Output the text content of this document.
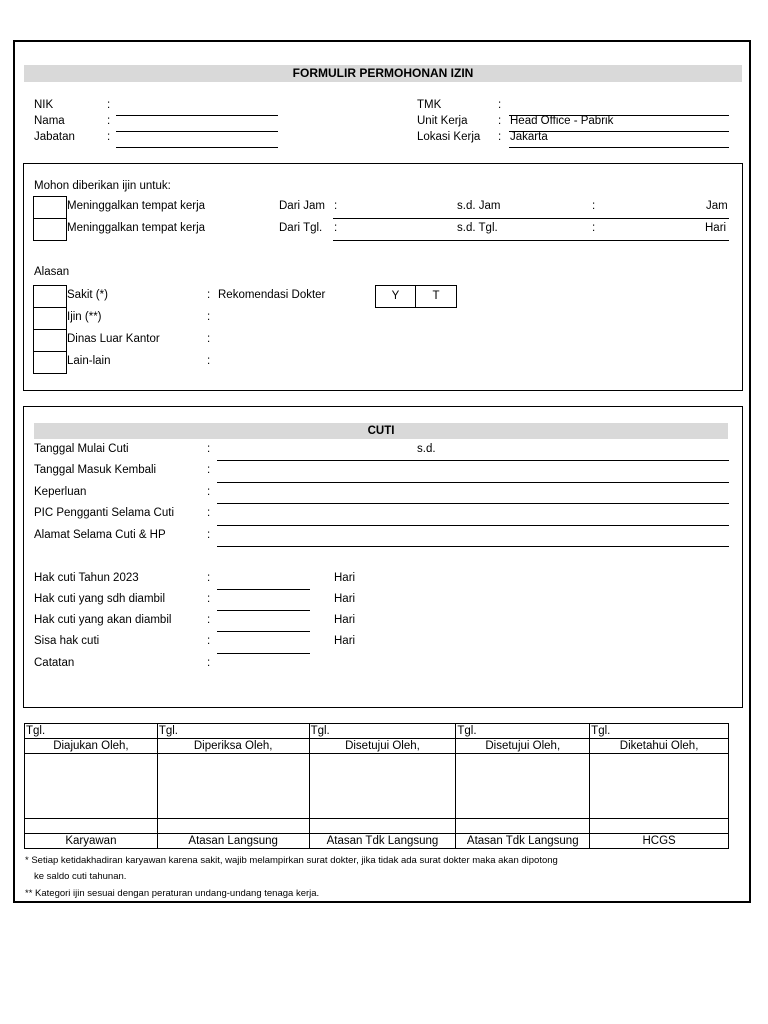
FORMULIR PERMOHONAN IZIN
NIK	:
Nama	:
Jabatan	:
TMK	:
Unit Kerja	: Head Office - Pabrik
Lokasi Kerja : Jakarta
Mohon diberikan ijin untuk:
Meninggalkan tempat kerja	Dari Jam :	s.d. Jam	:	Jam
Meninggalkan tempat kerja	Dari Tgl. :	s.d. Tgl.	:	Hari
Alasan
Sakit (*)	: Rekomendasi Dokter	Y	T
Ijin (**)	:
Dinas Luar Kantor	:
Lain-lain	:
CUTI
Tanggal Mulai Cuti	:	s.d.
Tanggal Masuk Kembali	:
Keperluan	:
PIC Pengganti Selama Cuti	:
Alamat Selama Cuti & HP	:
Hak cuti Tahun 2023	:	Hari
Hak cuti yang sdh diambil	:	Hari
Hak cuti yang akan diambil	:	Hari
Sisa hak cuti	:	Hari
Catatan	:
Tgl.	Tgl.	Tgl.	Tgl.	Tgl.
Diajukan Oleh,	Diperiksa Oleh,	Disetujui Oleh,	Disetujui Oleh,	Diketahui Oleh,

Karyawan	Atasan Langsung	Atasan Tdk Langsung	Atasan Tdk Langsung	HCGS
* Setiap ketidakhadiran karyawan karena sakit, wajib melampirkan surat dokter, jika tidak ada surat dokter maka akan dipotong
ke saldo cuti tahunan.
** Kategori ijin sesuai dengan peraturan undang-undang tenaga kerja.
